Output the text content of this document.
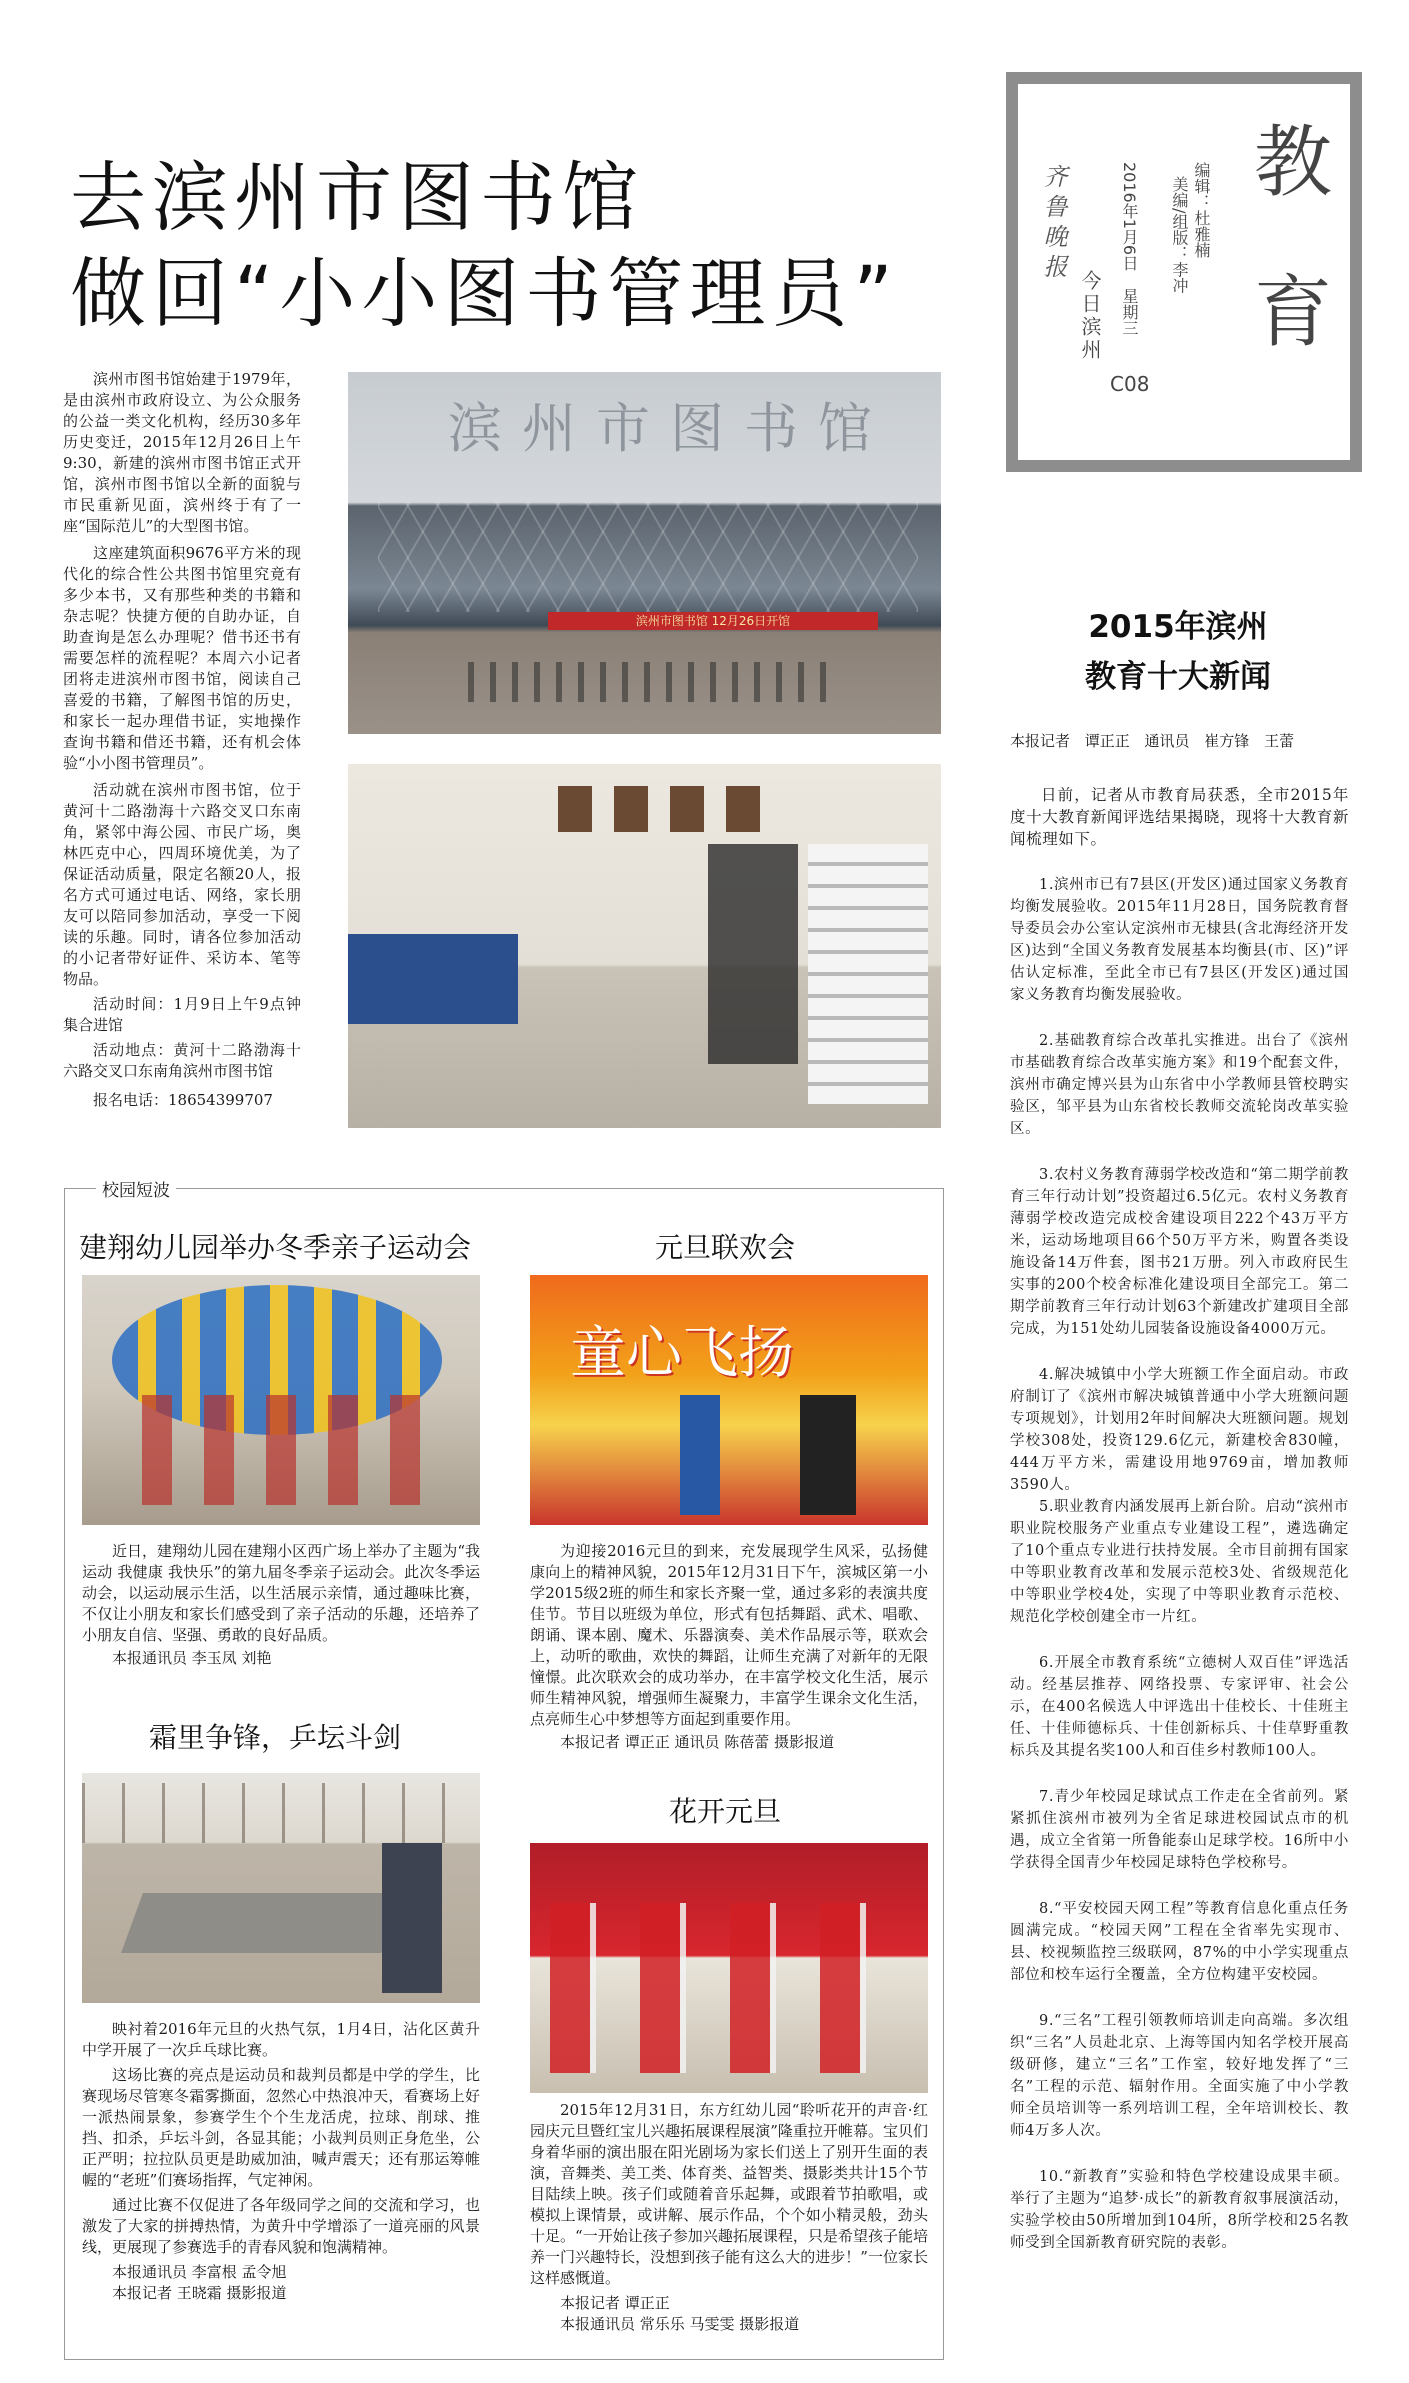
教育
编辑：杜雅楠 美编/组版：李冲
2016年1月6日 星期三
C08
齐鲁晚报
今日滨州
去滨州市图书馆
做回“小小图书管理员”

滨州市图书馆始建于1979年，是由滨州市政府设立、为公众服务的公益一类文化机构，经历30多年历史变迁，2015年12月26日上午9:30，新建的滨州市图书馆正式开馆，滨州市图书馆以全新的面貌与市民重新见面，滨州终于有了一座“国际范儿”的大型图书馆。

这座建筑面积9676平方米的现代化的综合性公共图书馆里究竟有多少本书，又有那些种类的书籍和杂志呢？快捷方便的自助办证，自助查询是怎么办理呢？借书还书有需要怎样的流程呢？本周六小记者团将走进滨州市图书馆，阅读自己喜爱的书籍，了解图书馆的历史，和家长一起办理借书证，实地操作查询书籍和借还书籍，还有机会体验“小小图书管理员”。

活动就在滨州市图书馆，位于黄河十二路渤海十六路交叉口东南角，紧邻中海公园、市民广场，奥林匹克中心，四周环境优美，为了保证活动质量，限定名额20人，报名方式可通过电话、网络，家长朋友可以陪同参加活动，享受一下阅读的乐趣。同时，请各位参加活动的小记者带好证件、采访本、笔等物品。

活动时间：1月9日上午9点钟集合进馆

活动地点：黄河十二路渤海十六路交叉口东南角滨州市图书馆

报名电话：18654399707

滨州市图书馆
滨州市图书馆 12月26日开馆
校园短波
建翔幼儿园举办冬季亲子运动会

近日，建翔幼儿园在建翔小区西广场上举办了主题为“我运动 我健康 我快乐”的第九届冬季亲子运动会。此次冬季运动会，以运动展示生活，以生活展示亲情，通过趣味比赛，不仅让小朋友和家长们感受到了亲子活动的乐趣，还培养了小朋友自信、坚强、勇敢的良好品质。

本报通讯员 李玉凤 刘艳

元旦联欢会
童心飞扬

为迎接2016元旦的到来，充发展现学生风采，弘扬健康向上的精神风貌，2015年12月31日下午，滨城区第一小学2015级2班的师生和家长齐聚一堂，通过多彩的表演共度佳节。节目以班级为单位，形式有包括舞蹈、武术、唱歌、朗诵、课本剧、魔术、乐器演奏、美术作品展示等，联欢会上，动听的歌曲，欢快的舞蹈，让师生充满了对新年的无限憧憬。此次联欢会的成功举办，在丰富学校文化生活，展示师生精神风貌，增强师生凝聚力，丰富学生课余文化生活，点亮师生心中梦想等方面起到重要作用。

本报记者 谭正正 通讯员 陈蓓蕾 摄影报道

霜里争锋，乒坛斗剑

映衬着2016年元旦的火热气氛，1月4日，沾化区黄升中学开展了一次乒乓球比赛。

这场比赛的亮点是运动员和裁判员都是中学的学生，比赛现场尽管寒冬霜雾撕面，忽然心中热浪冲天，看赛场上好一派热闹景象，参赛学生个个生龙活虎，拉球、削球、推挡、扣杀，乒坛斗剑，各显其能；小裁判员则正身危坐，公正严明；拉拉队员更是助威加油，喊声震天；还有那运筹帷幄的“老班”们赛场指挥，气定神闲。

通过比赛不仅促进了各年级同学之间的交流和学习，也激发了大家的拼搏热情，为黄升中学增添了一道亮丽的风景线，更展现了参赛选手的青春风貌和饱满精神。

本报通讯员 李富根 孟令旭

本报记者 王晓霜 摄影报道

花开元旦

2015年12月31日，东方红幼儿园“聆听花开的声音·红园庆元旦暨红宝儿兴趣拓展课程展演”隆重拉开帷幕。宝贝们身着华丽的演出服在阳光剧场为家长们送上了别开生面的表演，音舞类、美工类、体育类、益智类、摄影类共计15个节目陆续上映。孩子们或随着音乐起舞，或跟着节拍歌唱，或模拟上课情景，或讲解、展示作品，个个如小精灵般，劲头十足。“一开始让孩子参加兴趣拓展课程，只是希望孩子能培养一门兴趣特长，没想到孩子能有这么大的进步！”一位家长这样感慨道。

本报记者 谭正正

本报通讯员 常乐乐 马雯雯 摄影报道

2015年滨州
教育十大新闻
本报记者 谭正正 通讯员 崔方锋 王蕾

日前，记者从市教育局获悉，全市2015年度十大教育新闻评选结果揭晓，现将十大教育新闻梳理如下。

1.滨州市已有7县区(开发区)通过国家义务教育均衡发展验收。2015年11月28日，国务院教育督导委员会办公室认定滨州市无棣县(含北海经济开发区)达到“全国义务教育发展基本均衡县(市、区)”评估认定标准，至此全市已有7县区(开发区)通过国家义务教育均衡发展验收。

2.基础教育综合改革扎实推进。出台了《滨州市基础教育综合改革实施方案》和19个配套文件，滨州市确定博兴县为山东省中小学教师县管校聘实验区，邹平县为山东省校长教师交流轮岗改革实验区。

3.农村义务教育薄弱学校改造和“第二期学前教育三年行动计划”投资超过6.5亿元。农村义务教育薄弱学校改造完成校舍建设项目222个43万平方米，运动场地项目66个50万平方米，购置各类设施设备14万件套，图书21万册。列入市政府民生实事的200个校舍标准化建设项目全部完工。第二期学前教育三年行动计划63个新建改扩建项目全部完成，为151处幼儿园装备设施设备4000万元。

4.解决城镇中小学大班额工作全面启动。市政府制订了《滨州市解决城镇普通中小学大班额问题专项规划》，计划用2年时间解决大班额问题。规划学校308处，投资129.6亿元，新建校舍830幢，444万平方米，需建设用地9769亩，增加教师3590人。

5.职业教育内涵发展再上新台阶。启动“滨州市职业院校服务产业重点专业建设工程”，遴选确定了10个重点专业进行扶持发展。全市目前拥有国家中等职业教育改革和发展示范校3处、省级规范化中等职业学校4处，实现了中等职业教育示范校、规范化学校创建全市一片红。

6.开展全市教育系统“立德树人双百佳”评选活动。经基层推荐、网络投票、专家评审、社会公示，在400名候选人中评选出十佳校长、十佳班主任、十佳师德标兵、十佳创新标兵、十佳草野重教标兵及其提名奖100人和百佳乡村教师100人。

7.青少年校园足球试点工作走在全省前列。紧紧抓住滨州市被列为全省足球进校园试点市的机遇，成立全省第一所鲁能泰山足球学校。16所中小学获得全国青少年校园足球特色学校称号。

8.“平安校园天网工程”等教育信息化重点任务圆满完成。“校园天网”工程在全省率先实现市、县、校视频监控三级联网，87%的中小学实现重点部位和校车运行全覆盖，全方位构建平安校园。

9.“三名”工程引领教师培训走向高端。多次组织“三名”人员赴北京、上海等国内知名学校开展高级研修，建立“三名”工作室，较好地发挥了“三名”工程的示范、辐射作用。全面实施了中小学教师全员培训等一系列培训工程，全年培训校长、教师4万多人次。

10.“新教育”实验和特色学校建设成果丰硕。举行了主题为“追梦·成长”的新教育叙事展演活动，实验学校由50所增加到104所，8所学校和25名教师受到全国新教育研究院的表彰。
